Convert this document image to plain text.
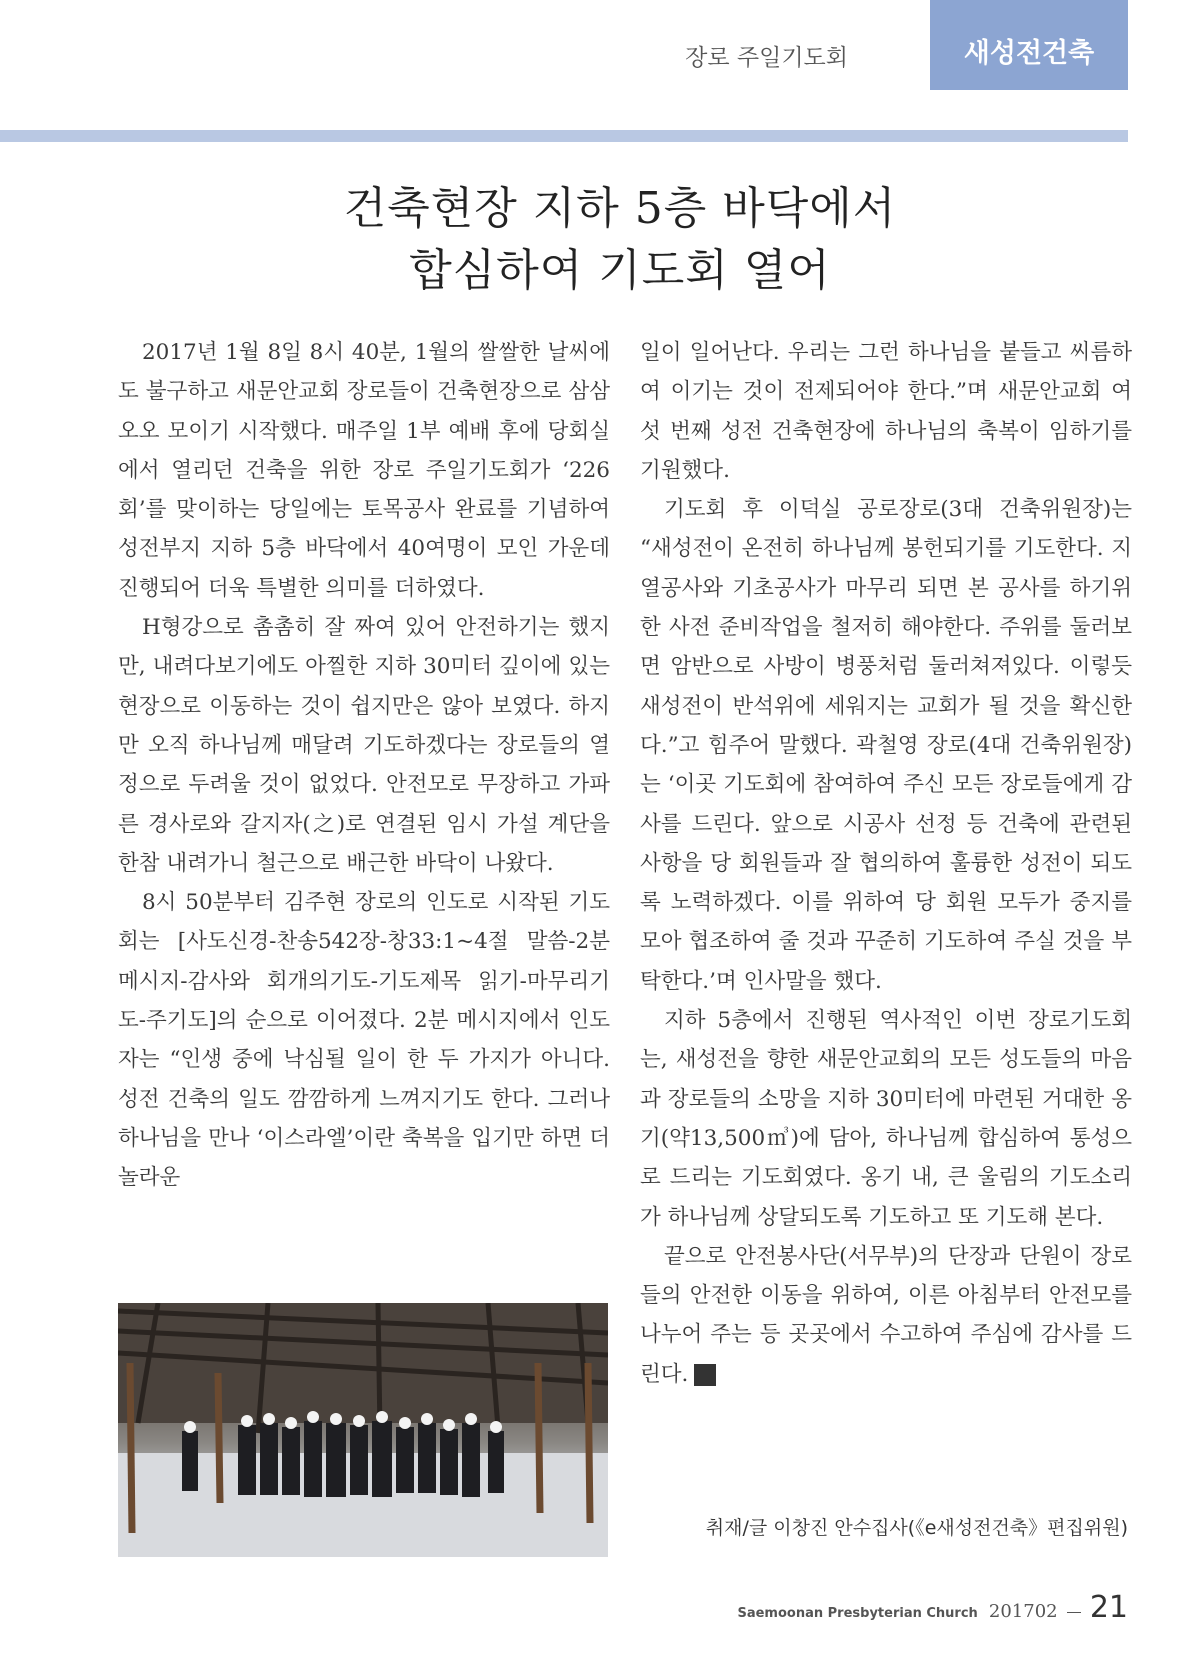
장로 주일기도회	새성전건축
건축현장 지하 5층 바닥에서
합심하여 기도회 열어

2017년 1월 8일 8시 40분, 1월의 쌀쌀한 날씨에도 불구하고 새문안교회 장로들이 건축현장으로 삼삼오오 모이기 시작했다. 매주일 1부 예배 후에 당회실에서 열리던 건축을 위한 장로 주일기도회가 ‘226회’를 맞이하는 당일에는 토목공사 완료를 기념하여 성전부지 지하 5층 바닥에서 40여명이 모인 가운데 진행되어 더욱 특별한 의미를 더하였다.

H형강으로 촘촘히 잘 짜여 있어 안전하기는 했지만, 내려다보기에도 아찔한 지하 30미터 깊이에 있는 현장으로 이동하는 것이 쉽지만은 않아 보였다. 하지만 오직 하나님께 매달려 기도하겠다는 장로들의 열정으로 두려울 것이 없었다. 안전모로 무장하고 가파른 경사로와 갈지자(之)로 연결된 임시 가설 계단을 한참 내려가니 철근으로 배근한 바닥이 나왔다.

8시 50분부터 김주현 장로의 인도로 시작된 기도회는 [사도신경-찬송542장-창33:1~4절 말씀-2분 메시지-감사와 회개의기도-기도제목 읽기-마무리기도-주기도]의 순으로 이어졌다. 2분 메시지에서 인도자는 “인생 중에 낙심될 일이 한 두 가지가 아니다. 성전 건축의 일도 깜깜하게 느껴지기도 한다. 그러나 하나님을 만나 ‘이스라엘’이란 축복을 입기만 하면 더 놀라운

일이 일어난다. 우리는 그런 하나님을 붙들고 씨름하여 이기는 것이 전제되어야 한다.”며 새문안교회 여섯 번째 성전 건축현장에 하나님의 축복이 임하기를 기원했다.

기도회 후 이덕실 공로장로(3대 건축위원장)는 “새성전이 온전히 하나님께 봉헌되기를 기도한다. 지열공사와 기초공사가 마무리 되면 본 공사를 하기위한 사전 준비작업을 철저히 해야한다. 주위를 둘러보면 암반으로 사방이 병풍처럼 둘러쳐져있다. 이렇듯 새성전이 반석위에 세워지는 교회가 될 것을 확신한다.”고 힘주어 말했다. 곽철영 장로(4대 건축위원장)는 ‘이곳 기도회에 참여하여 주신 모든 장로들에게 감사를 드린다. 앞으로 시공사 선정 등 건축에 관련된 사항을 당 회원들과 잘 협의하여 훌륭한 성전이 되도록 노력하겠다. 이를 위하여 당 회원 모두가 중지를 모아 협조하여 줄 것과 꾸준히 기도하여 주실 것을 부탁한다.’며 인사말을 했다.

지하 5층에서 진행된 역사적인 이번 장로기도회는, 새성전을 향한 새문안교회의 모든 성도들의 마음과 장로들의 소망을 지하 30미터에 마련된 거대한 옹기(약13,500㎥)에 담아, 하나님께 합심하여 통성으로 드리는 기도회였다. 옹기 내, 큰 울림의 기도소리가 하나님께 상달되도록 기도하고 또 기도해 본다.

끝으로 안전봉사단(서무부)의 단장과 단원이 장로들의 안전한 이동을 위하여, 이른 아침부터 안전모를 나누어 주는 등 곳곳에서 수고하여 주심에 감사를 드린다.	새

취재/글 이창진 안수집사(《e새성전건축》편집위원)
Saemoonan Presbyterian Church 201702 21
